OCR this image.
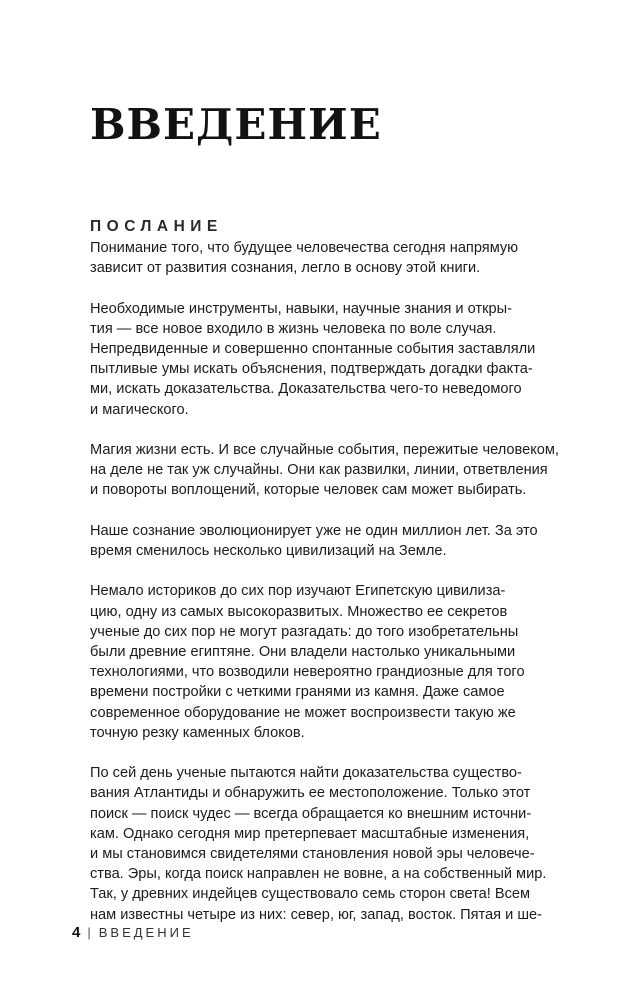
ВВЕДЕНИЕ
ПОСЛАНИЕ

Понимание того, что будущее человечества сегодня напрямую
зависит от развития сознания, легло в основу этой книги.

Необходимые инструменты, навыки, научные знания и откры-
тия — все новое входило в жизнь человека по воле случая.
Непредвиденные и совершенно спонтанные события заставляли
пытливые умы искать объяснения, подтверждать догадки факта-
ми, искать доказательства. Доказательства чего-то неведомого
и магического.

Магия жизни есть. И все случайные события, пережитые человеком,
на деле не так уж случайны. Они как развилки, линии, ответвления
и повороты воплощений, которые человек сам может выбирать.

Наше сознание эволюционирует уже не один миллион лет. За это
время сменилось несколько цивилизаций на Земле.

Немало историков до сих пор изучают Египетскую цивилиза-
цию, одну из самых высокоразвитых. Множество ее секретов
ученые до сих пор не могут разгадать: до того изобретательны
были древние египтяне. Они владели настолько уникальными
технологиями, что возводили невероятно грандиозные для того
времени постройки с четкими гранями из камня. Даже самое
современное оборудование не может воспроизвести такую же
точную резку каменных блоков.

По сей день ученые пытаются найти доказательства существо-
вания Атлантиды и обнаружить ее местоположение. Только этот
поиск — поиск чудес — всегда обращается ко внешним источни-
кам. Однако сегодня мир претерпевает масштабные изменения,
и мы становимся свидетелями становления новой эры человече-
ства. Эры, когда поиск направлен не вовне, а на собственный мир.
Так, у древних индейцев существовало семь сторон света! Всем
нам известны четыре из них: север, юг, запад, восток. Пятая и ше-

4 | ВВЕДЕНИЕ
